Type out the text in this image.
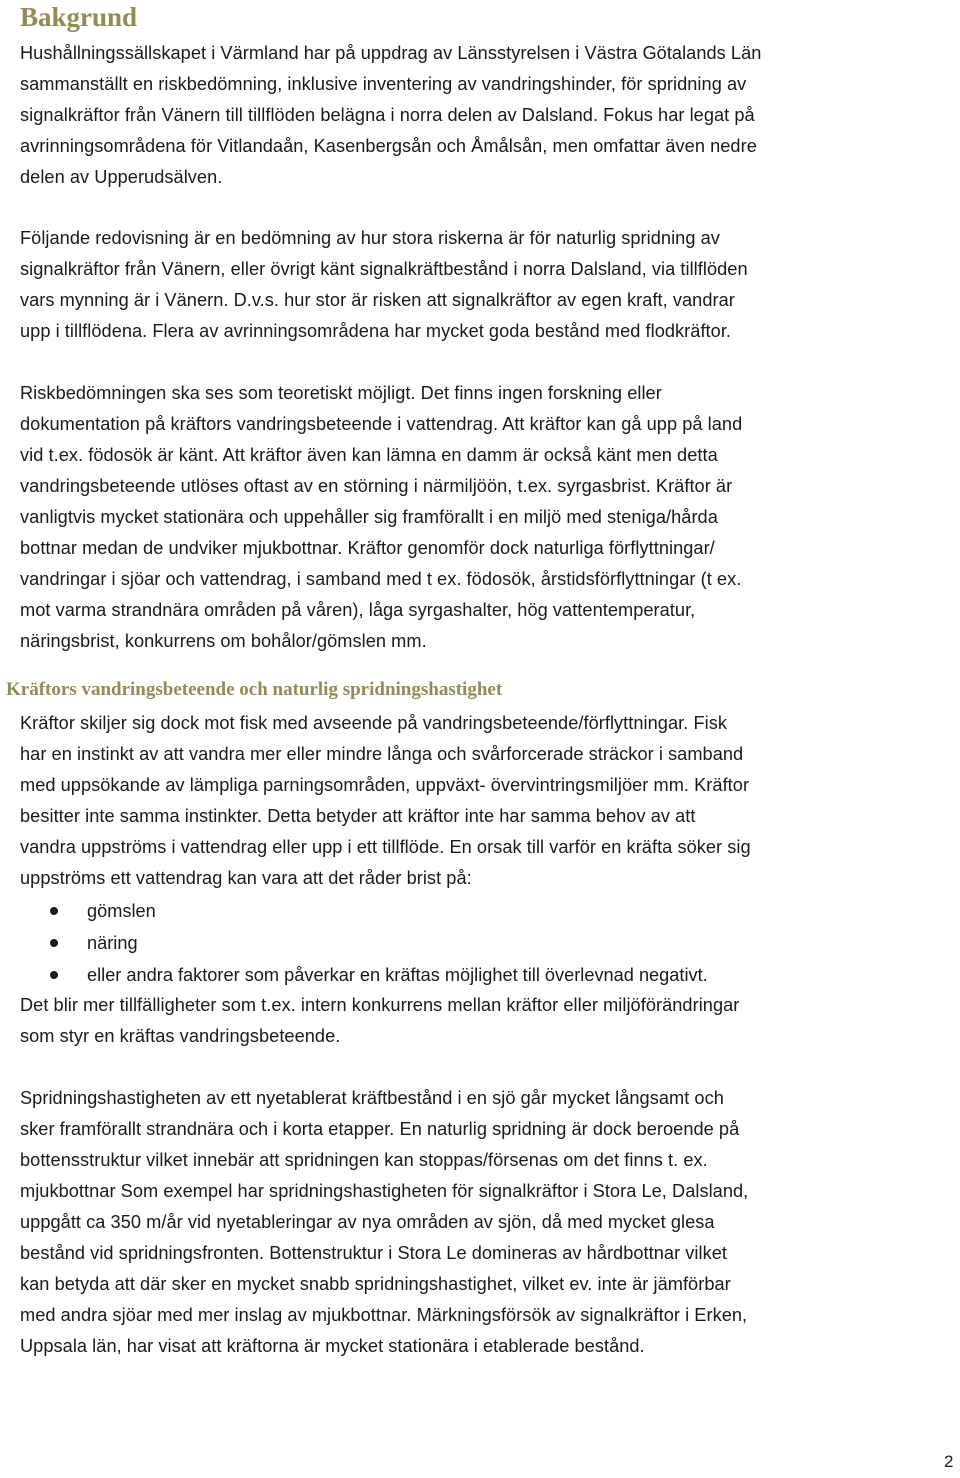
Bakgrund

Hushållningssällskapet i Värmland har på uppdrag av Länsstyrelsen i Västra Götalands Län
sammanställt en riskbedömning, inklusive inventering av vandringshinder, för spridning av
signalkräftor från Vänern till tillflöden belägna i norra delen av Dalsland. Fokus har legat på
avrinningsområdena för Vitlandaån, Kasenbergsån och Åmålsån, men omfattar även nedre
delen av Upperudsälven.

Följande redovisning är en bedömning av hur stora riskerna är för naturlig spridning av
signalkräftor från Vänern, eller övrigt känt signalkräftbestånd i norra Dalsland, via tillflöden
vars mynning är i Vänern. D.v.s. hur stor är risken att signalkräftor av egen kraft, vandrar
upp i tillflödena. Flera av avrinningsområdena har mycket goda bestånd med flodkräftor.

Riskbedömningen ska ses som teoretiskt möjligt. Det finns ingen forskning eller
dokumentation på kräftors vandringsbeteende i vattendrag. Att kräftor kan gå upp på land
vid t.ex. födosök är känt. Att kräftor även kan lämna en damm är också känt men detta
vandringsbeteende utlöses oftast av en störning i närmiljöön, t.ex. syrgasbrist. Kräftor är
vanligtvis mycket stationära och uppehåller sig framförallt i en miljö med steniga/hårda
bottnar medan de undviker mjukbottnar. Kräftor genomför dock naturliga förflyttningar/
vandringar i sjöar och vattendrag, i samband med t ex. födosök, årstidsförflyttningar (t ex.
mot varma strandnära områden på våren), låga syrgashalter, hög vattentemperatur,
näringsbrist, konkurrens om bohålor/gömslen mm.

Kräftors vandringsbeteende och naturlig spridningshastighet

Kräftor skiljer sig dock mot fisk med avseende på vandringsbeteende/förflyttningar. Fisk
har en instinkt av att vandra mer eller mindre långa och svårforcerade sträckor i samband
med uppsökande av lämpliga parningsområden, uppväxt- övervintringsmiljöer mm. Kräftor
besitter inte samma instinkter. Detta betyder att kräftor inte har samma behov av att
vandra uppströms i vattendrag eller upp i ett tillflöde. En orsak till varför en kräfta söker sig
uppströms ett vattendrag kan vara att det råder brist på:

gömslen
näring
eller andra faktorer som påverkar en kräftas möjlighet till överlevnad negativt.

Det blir mer tillfälligheter som t.ex. intern konkurrens mellan kräftor eller miljöförändringar
som styr en kräftas vandringsbeteende.

Spridningshastigheten av ett nyetablerat kräftbestånd i en sjö går mycket långsamt och
sker framförallt strandnära och i korta etapper. En naturlig spridning är dock beroende på
bottensstruktur vilket innebär att spridningen kan stoppas/försenas om det finns t. ex.
mjukbottnar Som exempel har spridningshastigheten för signalkräftor i Stora Le, Dalsland,
uppgått ca 350 m/år vid nyetableringar av nya områden av sjön, då med mycket glesa
bestånd vid spridningsfronten. Bottenstruktur i Stora Le domineras av hårdbottnar vilket
kan betyda att där sker en mycket snabb spridningshastighet, vilket ev. inte är jämförbar
med andra sjöar med mer inslag av mjukbottnar. Märkningsförsök av signalkräftor i Erken,
Uppsala län, har visat att kräftorna är mycket stationära i etablerade bestånd.

2
